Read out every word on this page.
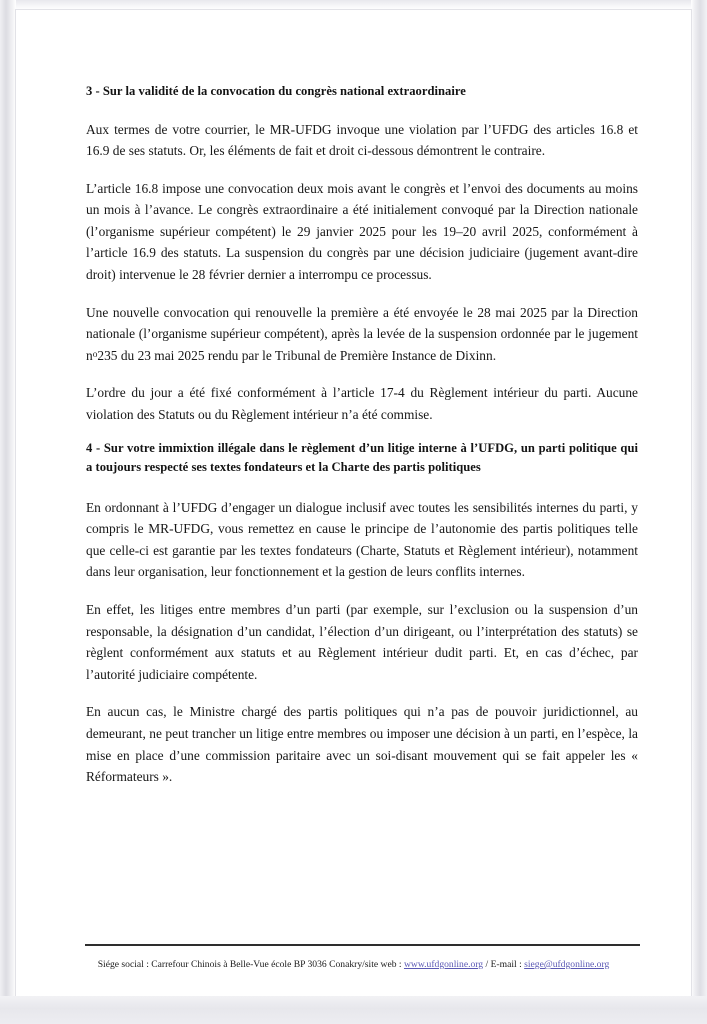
3 - Sur la validité de la convocation du congrès national extraordinaire

Aux termes de votre courrier, le MR-UFDG invoque une violation par l’UFDG des articles 16.8 et 16.9 de ses statuts. Or, les éléments de fait et droit ci-dessous démontrent le contraire.

L’article 16.8 impose une convocation deux mois avant le congrès et l’envoi des documents au moins un mois à l’avance. Le congrès extraordinaire a été initialement convoqué par la Direction nationale (l’organisme supérieur compétent) le 29 janvier 2025 pour les 19–20 avril 2025, conformément à l’article 16.9 des statuts. La suspension du congrès par une décision judiciaire (jugement avant-dire droit) intervenue le 28 février dernier a interrompu ce processus.

Une nouvelle convocation qui renouvelle la première a été envoyée le 28 mai 2025 par la Direction nationale (l’organisme supérieur compétent), après la levée de la suspension ordonnée par le jugement $n^o235$ du 23 mai 2025 rendu par le Tribunal de Première Instance de Dixinn.

L’ordre du jour a été fixé conformément à l’article 17-4 du Règlement intérieur du parti. Aucune violation des Statuts ou du Règlement intérieur n’a été commise.

4 - Sur votre immixtion illégale dans le règlement d’un litige interne à l’UFDG, un parti politique qui a toujours respecté ses textes fondateurs et la Charte des partis politiques

En ordonnant à l’UFDG d’engager un dialogue inclusif avec toutes les sensibilités internes du parti, y compris le MR-UFDG, vous remettez en cause le principe de l’autonomie des partis politiques telle que celle-ci est garantie par les textes fondateurs (Charte, Statuts et Règlement intérieur), notamment dans leur organisation, leur fonctionnement et la gestion de leurs conflits internes.

En effet, les litiges entre membres d’un parti (par exemple, sur l’exclusion ou la suspension d’un responsable, la désignation d’un candidat, l’élection d’un dirigeant, ou l’interprétation des statuts) se règlent conformément aux statuts et au Règlement intérieur dudit parti. Et, en cas d’échec, par l’autorité judiciaire compétente.

En aucun cas, le Ministre chargé des partis politiques qui n’a pas de pouvoir juridictionnel, au demeurant, ne peut trancher un litige entre membres ou imposer une décision à un parti, en l’espèce, la mise en place d’une commission paritaire avec un soi-disant mouvement qui se fait appeler les « Réformateurs ».

Siége social : Carrefour Chinois à Belle-Vue école BP 3036 Conakry/site web : www.ufdgonline.org / E-mail : siege@ufdgonline.org
